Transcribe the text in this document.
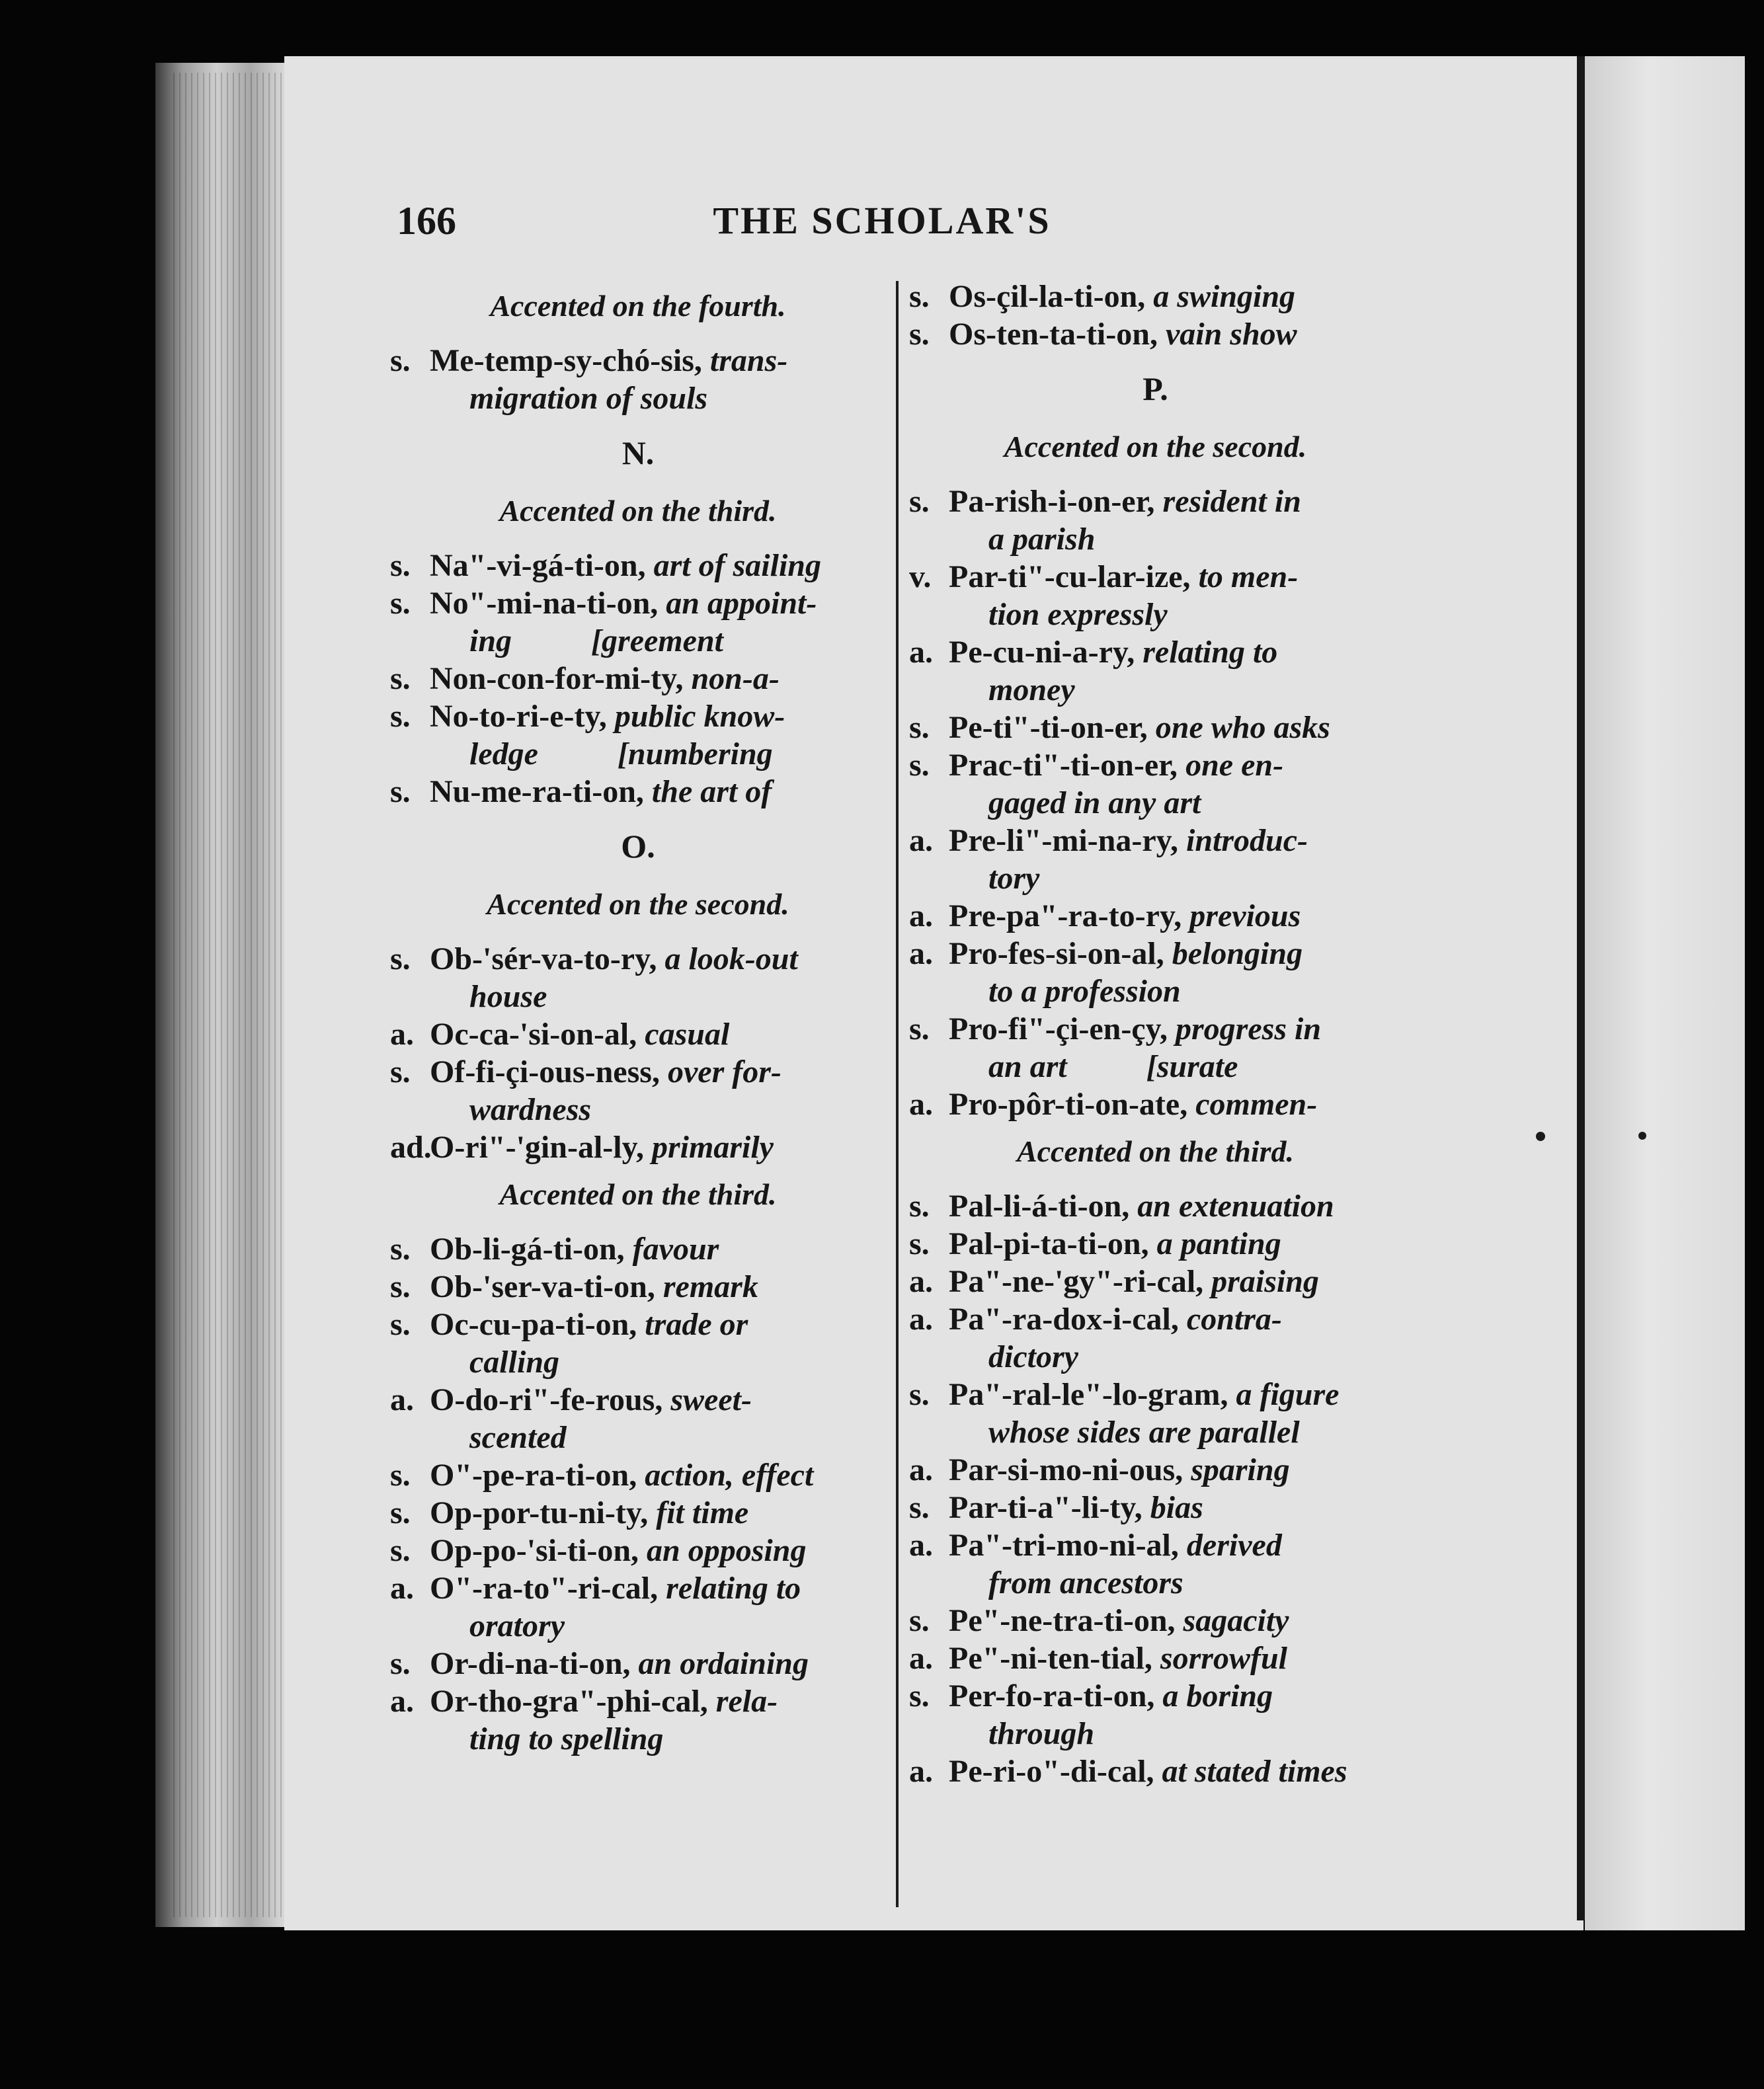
166	THE SCHOLAR'S
Accented on the fourth.
s. Me-temp-sy-chó-sis, trans-
migration of souls
N.
Accented on the third.
s. Na"-vi-gá-ti-on, art of sailing
s. No"-mi-na-ti-on, an appoint-
ing          [greement
s. Non-con-for-mi-ty, non-a-
s. No-to-ri-e-ty, public know-
ledge          [numbering
s. Nu-me-ra-ti-on, the art of
O.
Accented on the second.
s. Ob-'sér-va-to-ry, a look-out
house
a. Oc-ca-'si-on-al, casual
s. Of-fi-çi-ous-ness, over for-
wardness
ad.
O-ri"-'gin-al-ly, primarily
Accented on the third.
s. Ob-li-gá-ti-on, favour
s. Ob-'ser-va-ti-on, remark
s. Oc-cu-pa-ti-on, trade or
calling
a. O-do-ri"-fe-rous, sweet-
scented
s. O"-pe-ra-ti-on, action, effect
s. Op-por-tu-ni-ty, fit time
s. Op-po-'si-ti-on, an opposing
a. O"-ra-to"-ri-cal, relating to
oratory
s. Or-di-na-ti-on, an ordaining
a. Or-tho-gra"-phi-cal, rela-
ting to spelling
s. Os-çil-la-ti-on, a swinging
s. Os-ten-ta-ti-on, vain show
P.
Accented on the second.
s. Pa-rish-i-on-er, resident in
a parish
v. Par-ti"-cu-lar-ize, to men-
tion expressly
a. Pe-cu-ni-a-ry, relating to
money
s. Pe-ti"-ti-on-er, one who asks
s. Prac-ti"-ti-on-er, one en-
gaged in any art
a. Pre-li"-mi-na-ry, introduc-
tory
a. Pre-pa"-ra-to-ry, previous
a. Pro-fes-si-on-al, belonging
to a profession
s. Pro-fi"-çi-en-çy, progress in
an art          [surate
a. Pro-pôr-ti-on-ate, commen-
Accented on the third.
s. Pal-li-á-ti-on, an extenuation
s. Pal-pi-ta-ti-on, a panting
a. Pa"-ne-'gy"-ri-cal, praising
a. Pa"-ra-dox-i-cal, contra-
dictory
s. Pa"-ral-le"-lo-gram, a figure
whose sides are parallel
a. Par-si-mo-ni-ous, sparing
s. Par-ti-a"-li-ty, bias
a. Pa"-tri-mo-ni-al, derived
from ancestors
s. Pe"-ne-tra-ti-on, sagacity
a. Pe"-ni-ten-tial, sorrowful
s. Per-fo-ra-ti-on, a boring
through
a. Pe-ri-o"-di-cal, at stated times
